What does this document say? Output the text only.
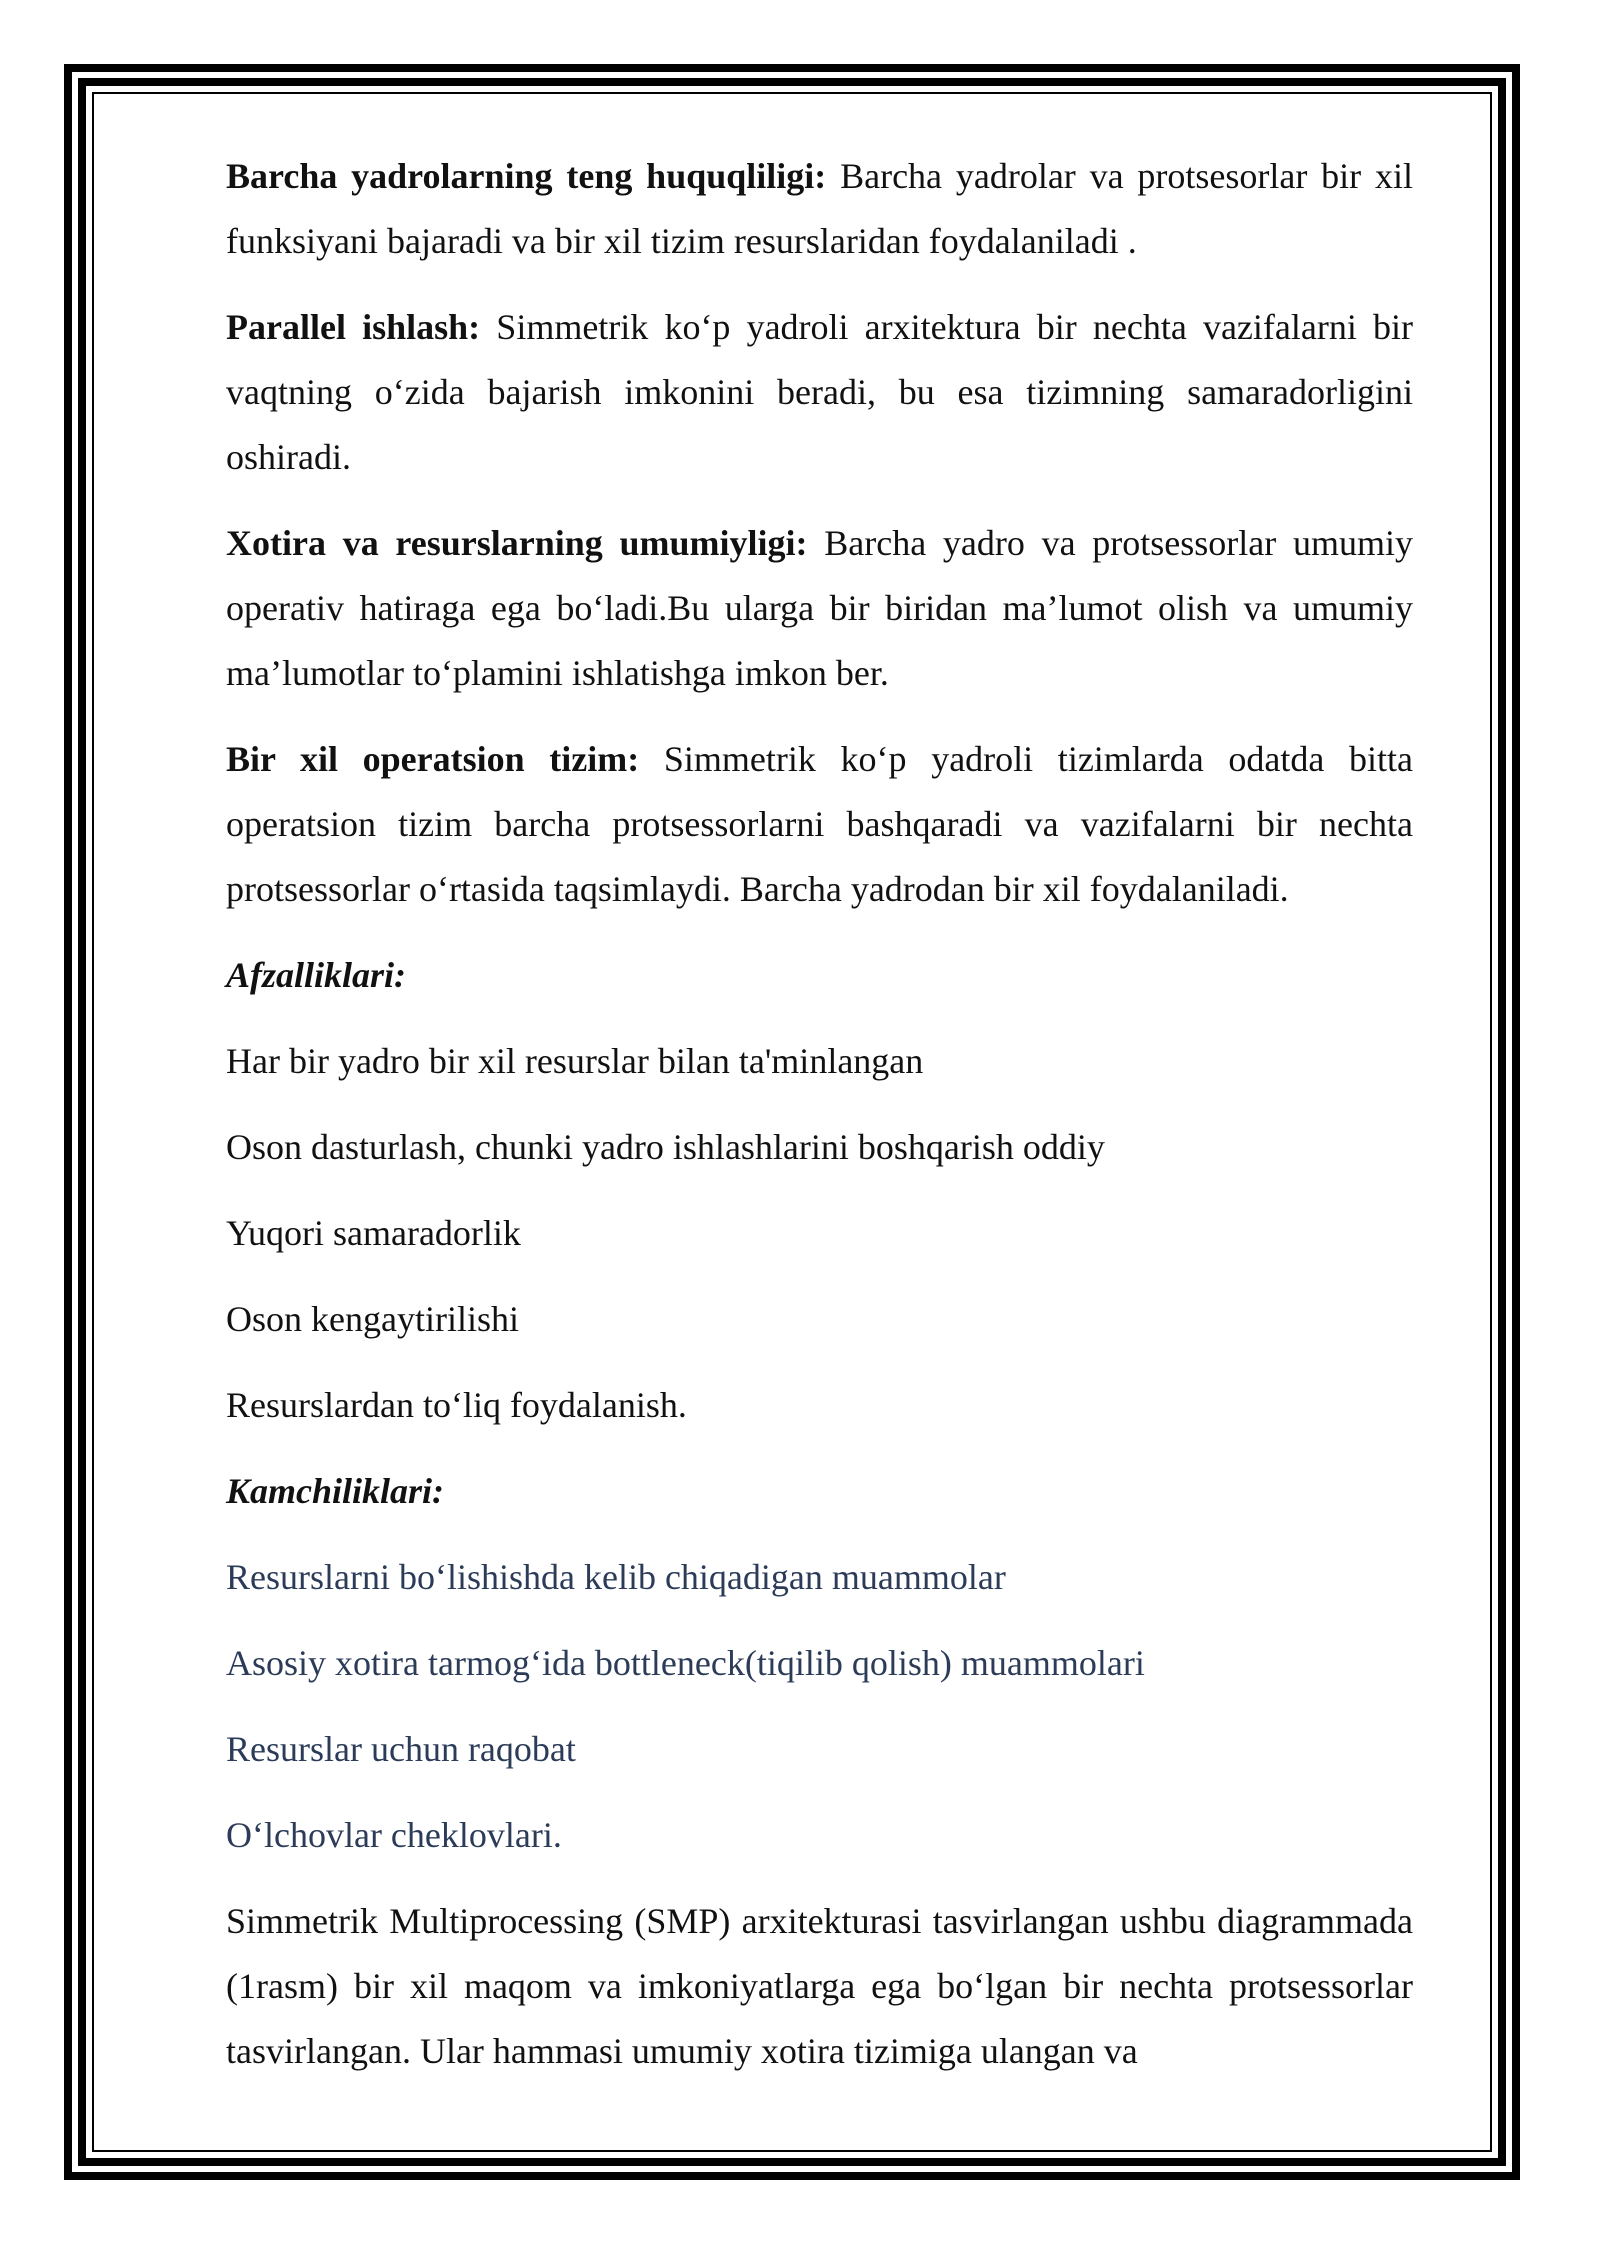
Barcha yadrolarning teng huquqliligi: Barcha yadrolar va protsesorlar bir xil funksiyani bajaradi va bir xil tizim resurslaridan foydalaniladi .

Parallel ishlash: Simmetrik ko‘p yadroli arxitektura bir nechta vazifalarni bir vaqtning o‘zida bajarish imkonini beradi, bu esa tizimning samaradorligini oshiradi.

Xotira va resurslarning umumiyligi: Barcha yadro va protsessorlar umumiy operativ hatiraga ega bo‘ladi.Bu ularga bir biridan ma’lumot olish va umumiy ma’lumotlar to‘plamini ishlatishga imkon ber.

Bir xil operatsion tizim: Simmetrik ko‘p yadroli tizimlarda odatda bitta operatsion tizim barcha protsessorlarni bashqaradi va vazifalarni bir nechta protsessorlar o‘rtasida taqsimlaydi. Barcha yadrodan bir xil foydalaniladi.

Afzalliklari:

Har bir yadro bir xil resurslar bilan ta'minlangan

Oson dasturlash, chunki yadro ishlashlarini boshqarish oddiy

Yuqori samaradorlik

Oson kengaytirilishi

Resurslardan to‘liq foydalanish.

Kamchiliklari:

Resurslarni bo‘lishishda kelib chiqadigan muammolar

Asosiy xotira tarmog‘ida bottleneck(tiqilib qolish) muammolari

Resurslar uchun raqobat

O‘lchovlar cheklovlari.

Simmetrik Multiprocessing (SMP) arxitekturasi tasvirlangan ushbu diagrammada (1rasm) bir xil maqom va imkoniyatlarga ega bo‘lgan bir nechta protsessorlar tasvirlangan. Ular hammasi umumiy xotira tizimiga ulangan va
